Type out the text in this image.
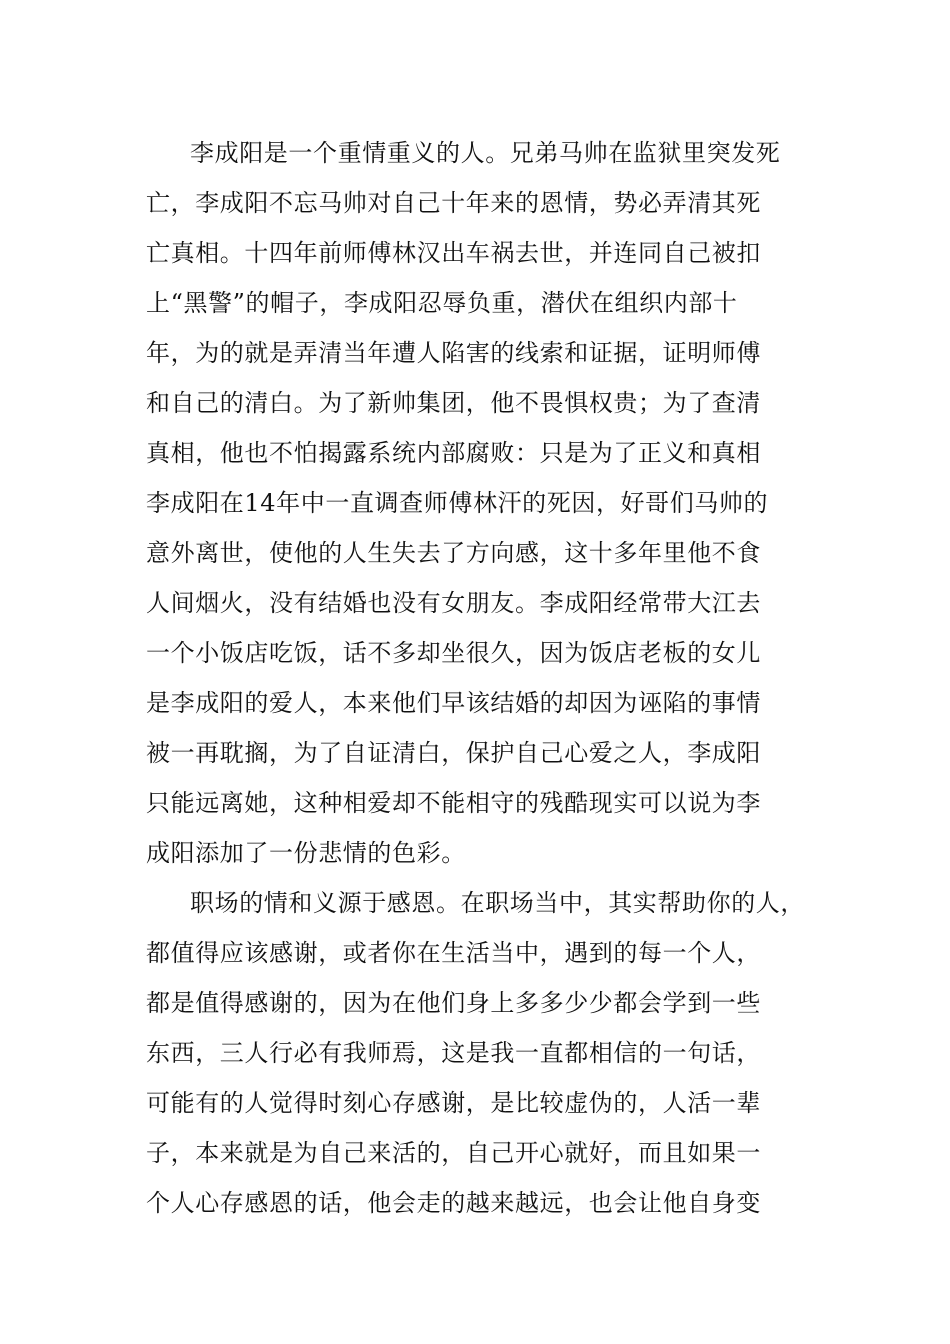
李成阳是一个重情重义的人。兄弟马帅在监狱里突发死
亡，李成阳不忘马帅对自己十年来的恩情，势必弄清其死
亡真相。十四年前师傅林汉出车祸去世，并连同自己被扣
上“黑警”的帽子，李成阳忍辱负重，潜伏在组织内部十
年，为的就是弄清当年遭人陷害的线索和证据，证明师傅
和自己的清白。为了新帅集团，他不畏惧权贵；为了查清
真相，他也不怕揭露系统内部腐败：只是为了正义和真相
李成阳在14年中一直调查师傅林汗的死因，好哥们马帅的
意外离世，使他的人生失去了方向感，这十多年里他不食
人间烟火，没有结婚也没有女朋友。李成阳经常带大江去
一个小饭店吃饭，话不多却坐很久，因为饭店老板的女儿
是李成阳的爱人，本来他们早该结婚的却因为诬陷的事情
被一再耽搁，为了自证清白，保护自己心爱之人，李成阳
只能远离她，这种相爱却不能相守的残酷现实可以说为李
成阳添加了一份悲情的色彩。
职场的情和义源于感恩。在职场当中，其实帮助你的人，
都值得应该感谢，或者你在生活当中，遇到的每一个人，
都是值得感谢的，因为在他们身上多多少少都会学到一些
东西，三人行必有我师焉，这是我一直都相信的一句话，
可能有的人觉得时刻心存感谢，是比较虚伪的，人活一辈
子，本来就是为自己来活的，自己开心就好，而且如果一
个人心存感恩的话，他会走的越来越远，也会让他自身变
